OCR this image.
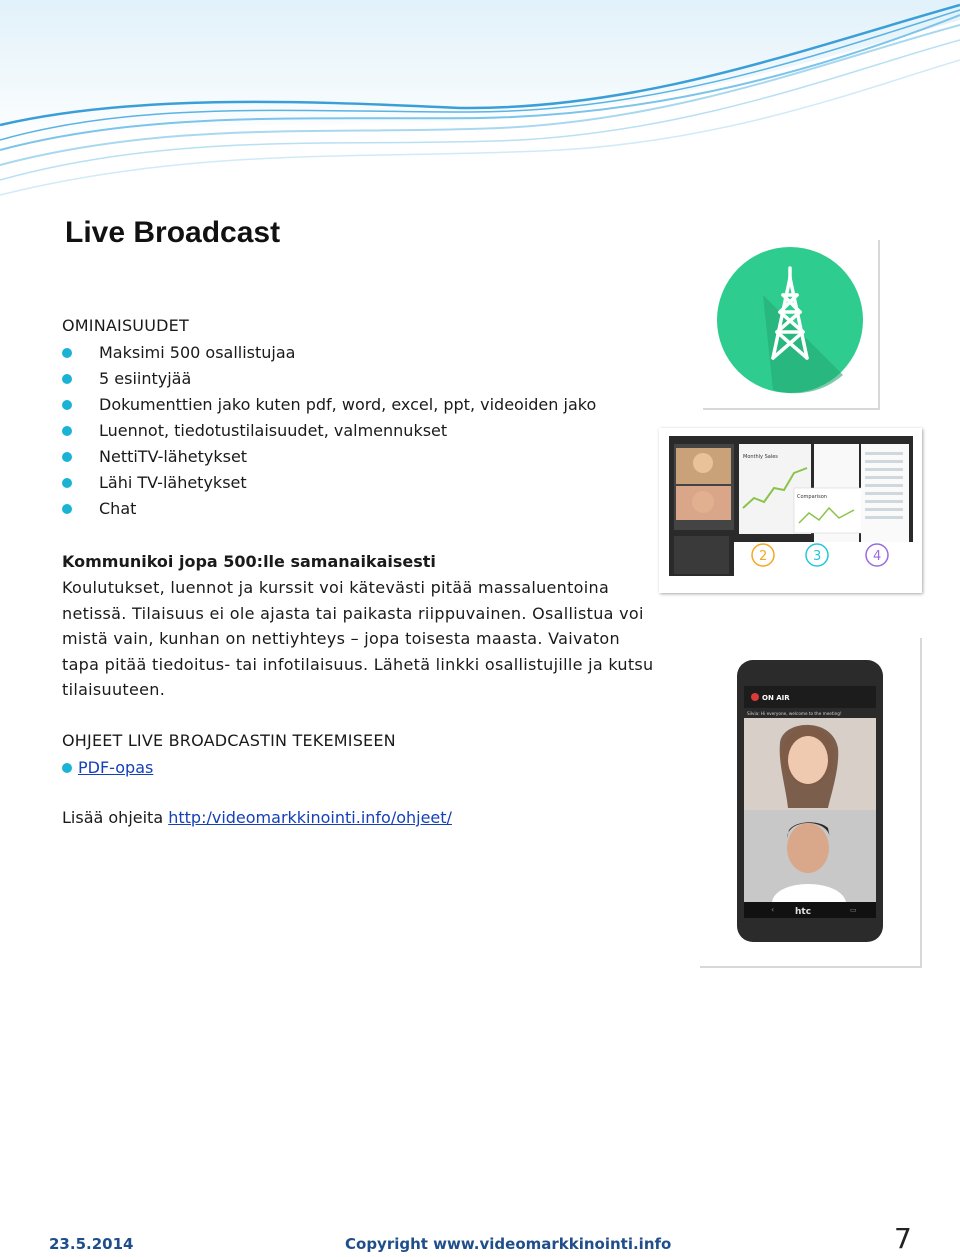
Live Broadcast
OMINAISUUDET
Maksimi 500 osallistujaa
5 esiintyjää
Dokumenttien jako kuten pdf, word, excel, ppt, videoiden jako
Luennot, tiedotustilaisuudet, valmennukset
NettiTV-lähetykset
Lähi TV-lähetykset
Chat
Kommunikoi jopa 500:lle samanaikaisesti
Koulutukset, luennot ja kurssit voi kätevästi pitää massaluentoina netissä. Tilaisuus ei ole ajasta tai paikasta riippuvainen. Osallistua voi mistä vain, kunhan on nettiyhteys – jopa toisesta maasta. Vaivaton tapa pitää tiedoitus- tai infotilaisuus. Lähetä linkki osallistujille ja kutsu tilaisuuteen.
OHJEET LIVE BROADCASTIN TEKEMISEEN
PDF-opas
Lisää ohjeita http:/videomarkkinointi.info/ohjeet/
Monthly Sales
Comparison
2	3	4
ON AIR
Silvia: Hi everyone, welcome to the meeting!
‹ htc	▭
23.5.2014	Copyright www.videomarkkinointi.info	7
